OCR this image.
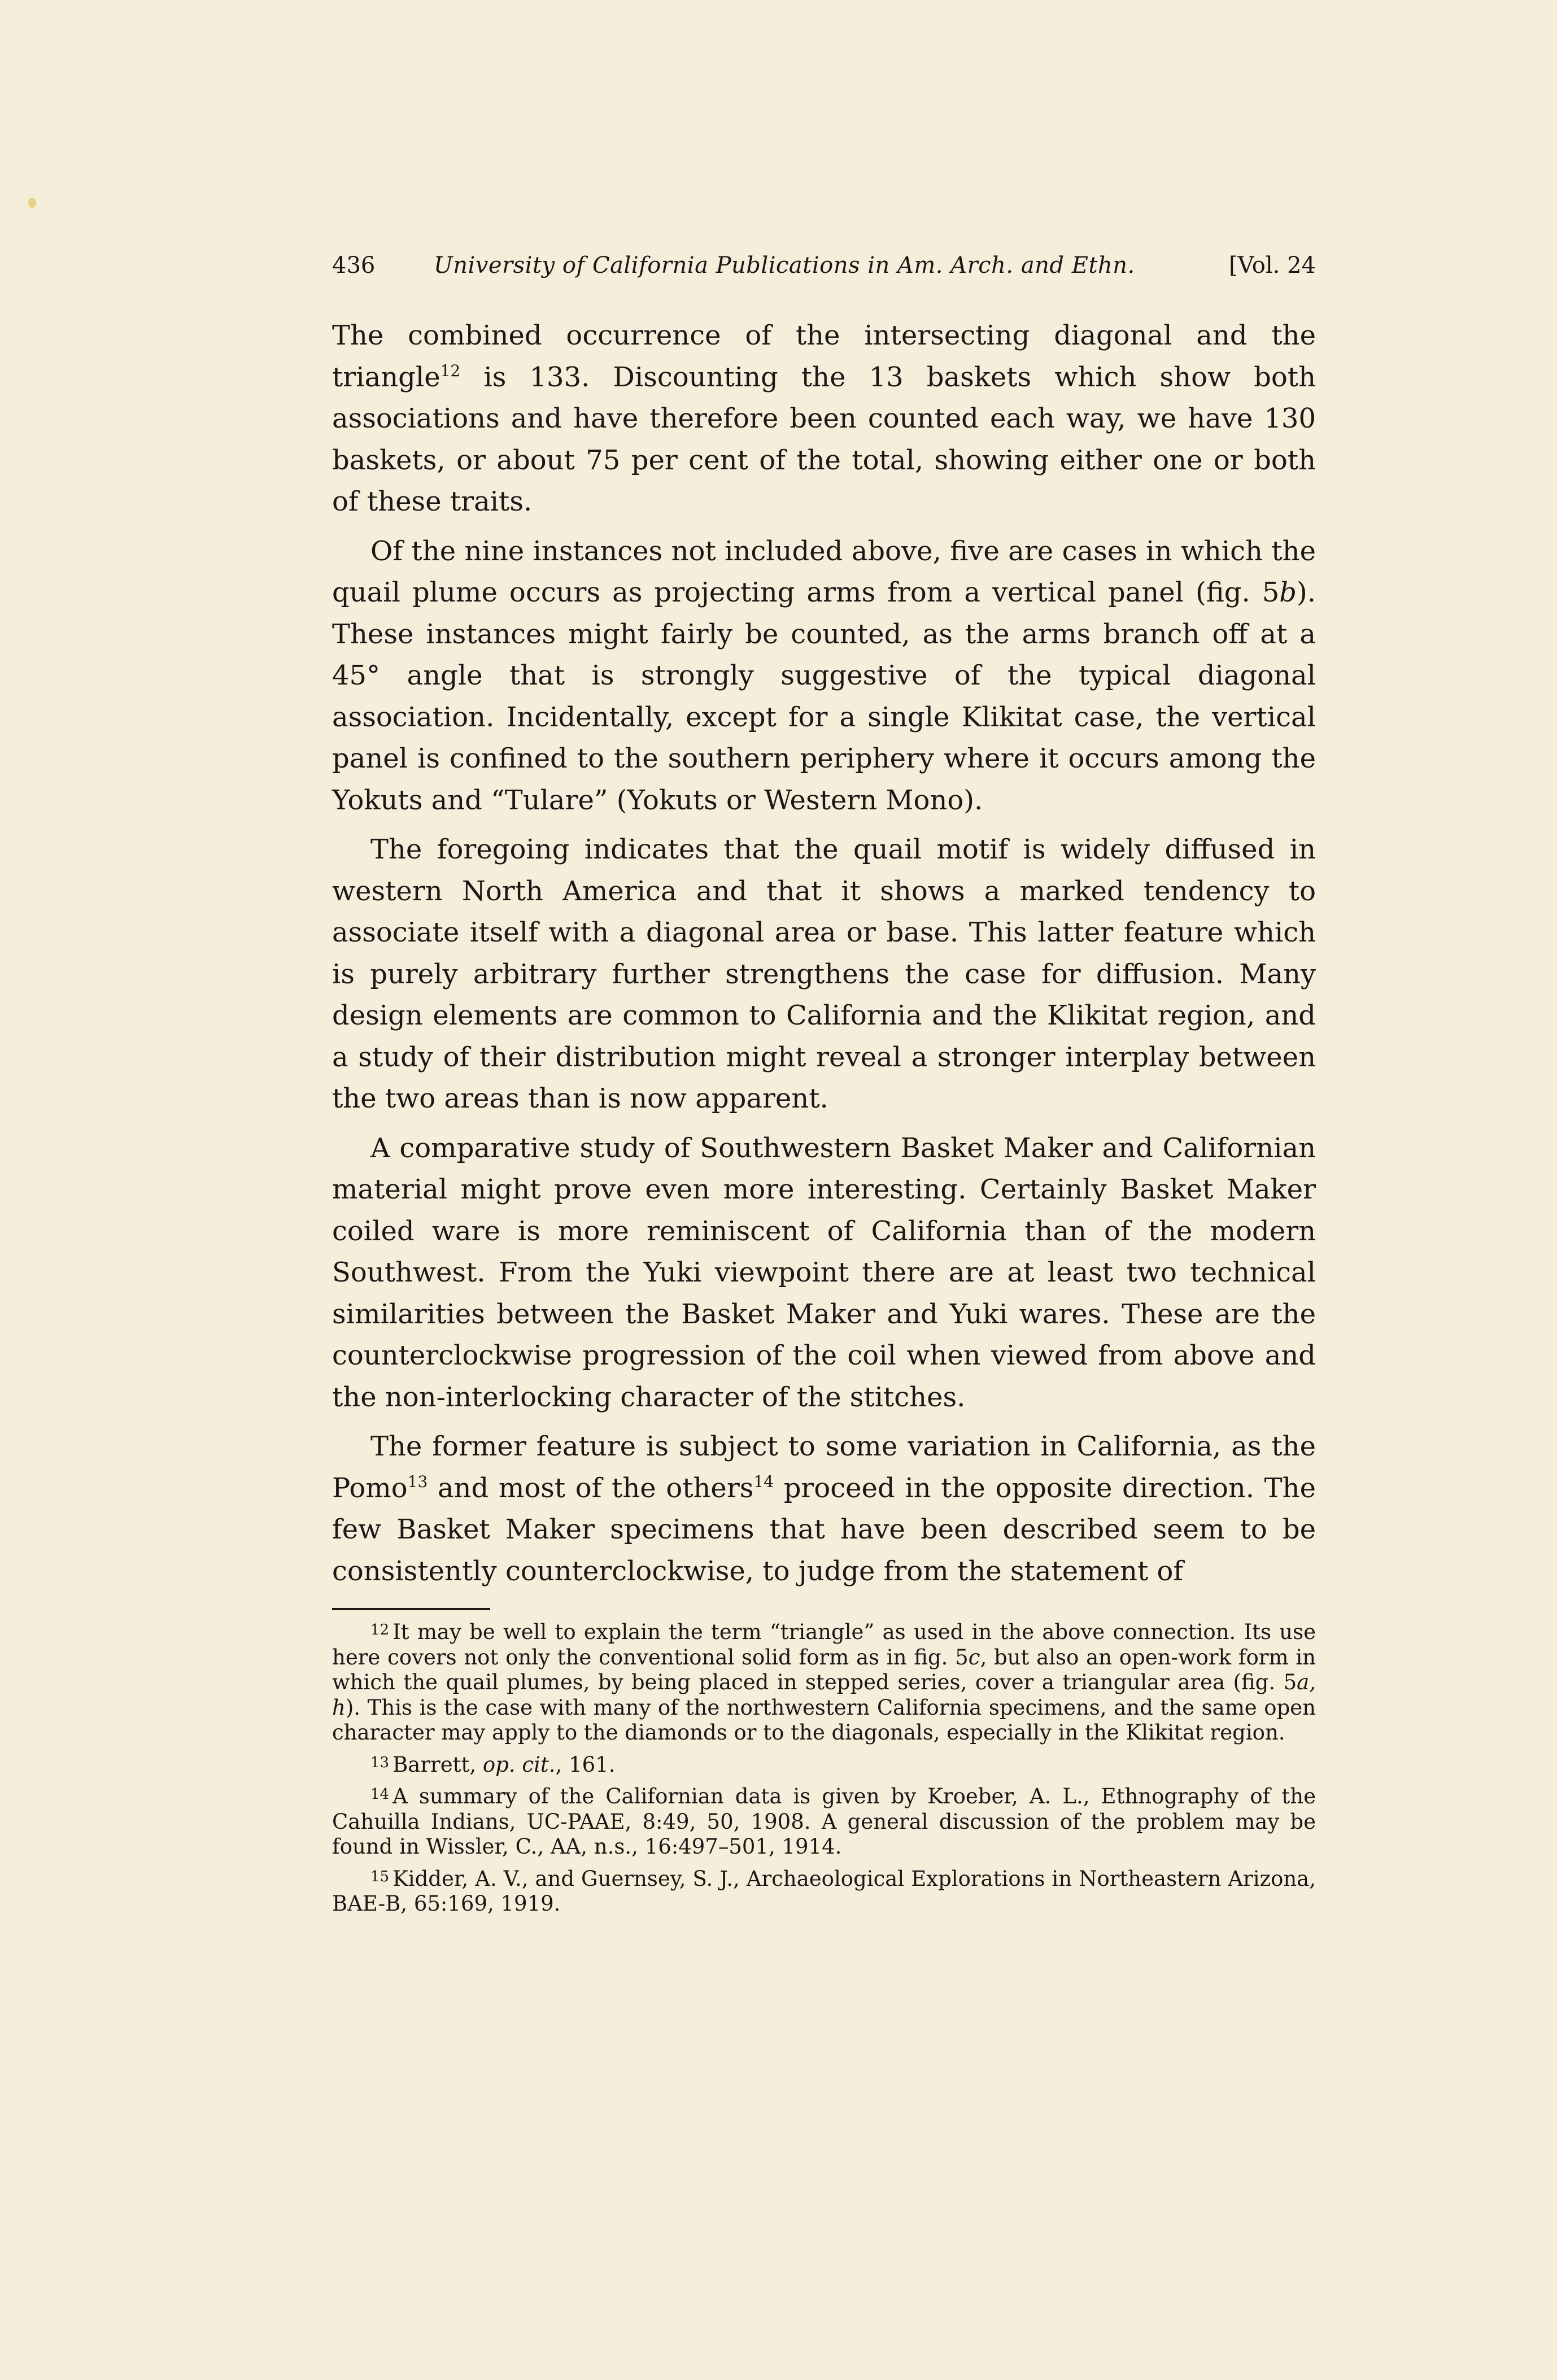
436	University of California Publications in Am. Arch. and Ethn.	[Vol. 24

The combined occurrence of the intersecting diagonal and the triangle$^{12}$ is 133. Discounting the 13 baskets which show both associations and have therefore been counted each way, we have 130 baskets, or about 75 per cent of the total, showing either one or both of these traits.

Of the nine instances not included above, five are cases in which the quail plume occurs as projecting arms from a vertical panel (fig. 5b). These instances might fairly be counted, as the arms branch off at a 45° angle that is strongly suggestive of the typical diagonal association. Incidentally, except for a single Klikitat case, the vertical panel is confined to the southern periphery where it occurs among the Yokuts and “Tulare” (Yokuts or Western Mono).

The foregoing indicates that the quail motif is widely diffused in western North America and that it shows a marked tendency to associate itself with a diagonal area or base. This latter feature which is purely arbitrary further strengthens the case for diffusion. Many design elements are common to California and the Klikitat region, and a study of their distribution might reveal a stronger interplay between the two areas than is now apparent.

A comparative study of Southwestern Basket Maker and Californian material might prove even more interesting. Certainly Basket Maker coiled ware is more reminiscent of California than of the modern Southwest. From the Yuki viewpoint there are at least two technical similarities between the Basket Maker and Yuki wares. These are the counterclockwise progression of the coil when viewed from above and the non-interlocking character of the stitches.

The former feature is subject to some variation in California, as the Pomo$^{13}$ and most of the others$^{14}$ proceed in the opposite direction. The few Basket Maker specimens that have been described seem to be consistently counterclockwise, to judge from the statement of

$^{12}$ It may be well to explain the term “triangle” as used in the above connection. Its use here covers not only the conventional solid form as in fig. 5c, but also an open-work form in which the quail plumes, by being placed in stepped series, cover a triangular area (fig. 5a, h). This is the case with many of the northwestern California specimens, and the same open character may apply to the diamonds or to the diagonals, especially in the Klikitat region.

$^{13}$ Barrett, op. cit., 161.

$^{14}$ A summary of the Californian data is given by Kroeber, A. L., Ethnography of the Cahuilla Indians, UC-PAAE, 8:49, 50, 1908. A general discussion of the problem may be found in Wissler, C., AA, n.s., 16:497–501, 1914.

$^{15}$ Kidder, A. V., and Guernsey, S. J., Archaeological Explorations in Northeastern Arizona, BAE-B, 65:169, 1919.
